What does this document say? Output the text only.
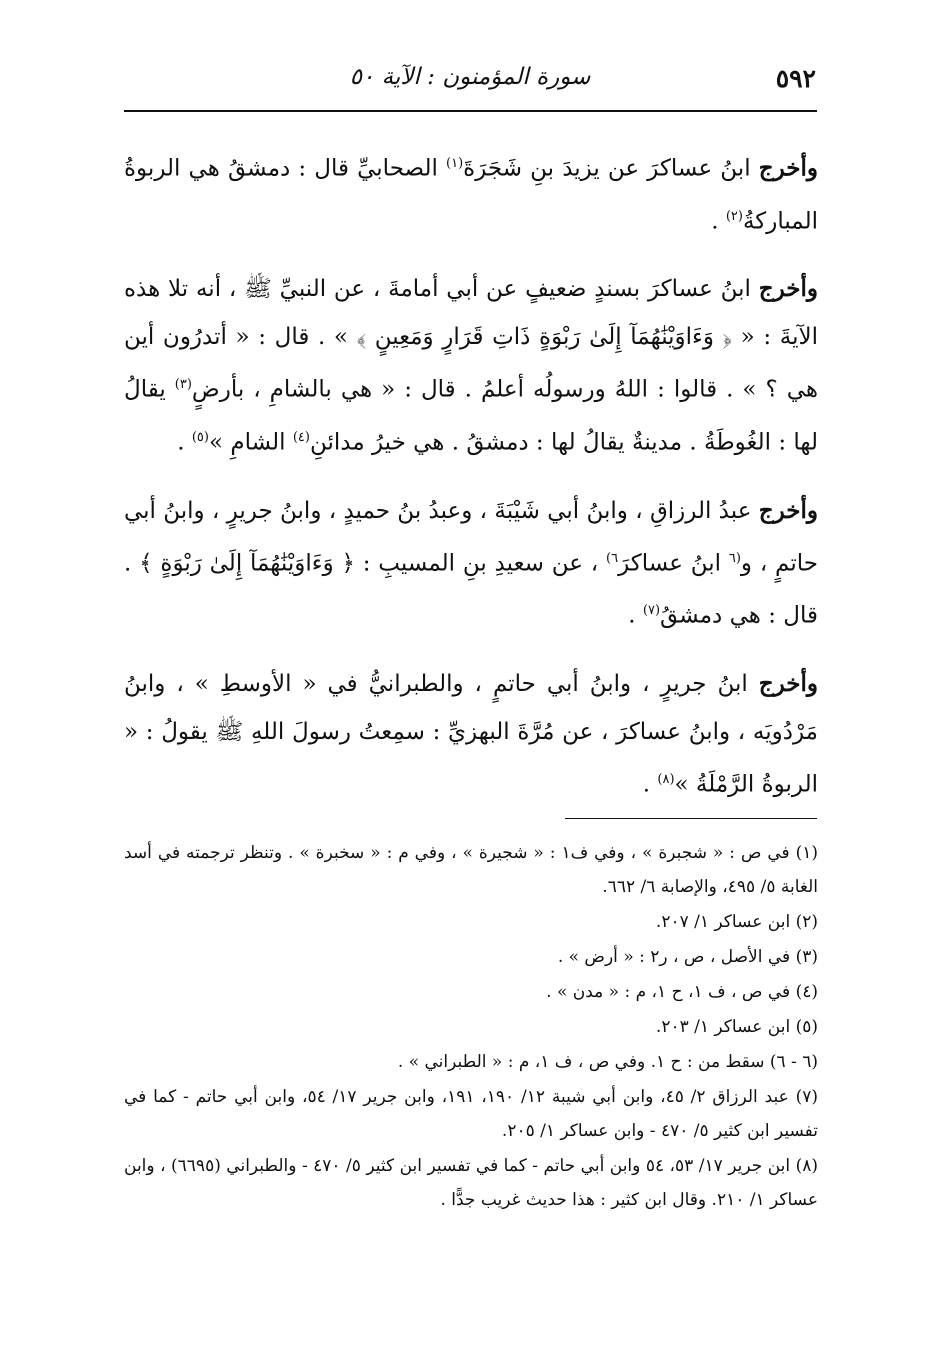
٥٩٢
سورة المؤمنون : الآية ٥٠

وأخرج ابنُ عساكرَ عن يزيدَ بنِ شَجَرَةَ$^{(١)}$ الصحابيِّ قال : دمشقُ هي الربوةُ المباركةُ$^{(٢)}$ .

وأخرج ابنُ عساكرَ بسندٍ ضعيفٍ عن أبي أمامةَ ، عن النبيِّ ﷺ ، أنه تلا هذه الآيةَ : « ﴿ وَءَاوَيْنَٰهُمَآ إِلَىٰ رَبْوَةٍ ذَاتِ قَرَارٍ وَمَعِينٍ ﴾ » . قال : « أتدرُون أين هي ؟ » . قالوا : اللهُ ورسولُه أعلمُ . قال : « هي بالشامِ ، بأرضٍ$^{(٣)}$ يقالُ لها : الغُوطَةُ . مدينةٌ يقالُ لها : دمشقُ . هي خيرُ مدائنِ$^{(٤)}$ الشامِ »$^{(٥)}$ .

وأخرج عبدُ الرزاقِ ، وابنُ أبي شَيْبَةَ ، وعبدُ بنُ حميدٍ ، وابنُ جريرٍ ، وابنُ أبي حاتمٍ ، و$^{(٦}$ ابنُ عساكرَ$^{٦)}$ ، عن سعيدِ بنِ المسيبِ : ﴿ وَءَاوَيْنَٰهُمَآ إِلَىٰ رَبْوَةٍ ﴾ . قال : هي دمشقُ$^{(٧)}$ .

وأخرج ابنُ جريرٍ ، وابنُ أبي حاتمٍ ، والطبرانيُّ في « الأوسطِ » ، وابنُ مَرْدُويَه ، وابنُ عساكرَ ، عن مُرَّةَ البهزيِّ : سمِعتُ رسولَ اللهِ ﷺ يقولُ : « الربوةُ الرَّمْلَةُ »$^{(٨)}$ .

(١) في ص : « شجبرة » ، وفي ف١ : « شجيرة » ، وفي م : « سخبرة » . وتنظر ترجمته في أسد الغابة ٥/ ٤٩٥، والإصابة ٦/ ٦٦٢.

(٢) ابن عساكر ١/ ٢٠٧.

(٣) في الأصل ، ص ، ر٢ : « أرض » .

(٤) في ص ، ف ١، ح ١، م : « مدن » .

(٥) ابن عساكر ١/ ٢٠٣.

(٦ - ٦) سقط من : ح ١. وفي ص ، ف ١، م : « الطبراني » .

(٧) عبد الرزاق ٢/ ٤٥، وابن أبي شيبة ١٢/ ١٩٠، ١٩١، وابن جرير ١٧/ ٥٤، وابن أبي حاتم - كما في تفسير ابن كثير ٥/ ٤٧٠ - وابن عساكر ١/ ٢٠٥.

(٨) ابن جرير ١٧/ ٥٣، ٥٤ وابن أبي حاتم - كما في تفسير ابن كثير ٥/ ٤٧٠ - والطبراني (٦٦٩٥) ، وابن عساكر ١/ ٢١٠. وقال ابن كثير : هذا حديث غريب جدًّا .
